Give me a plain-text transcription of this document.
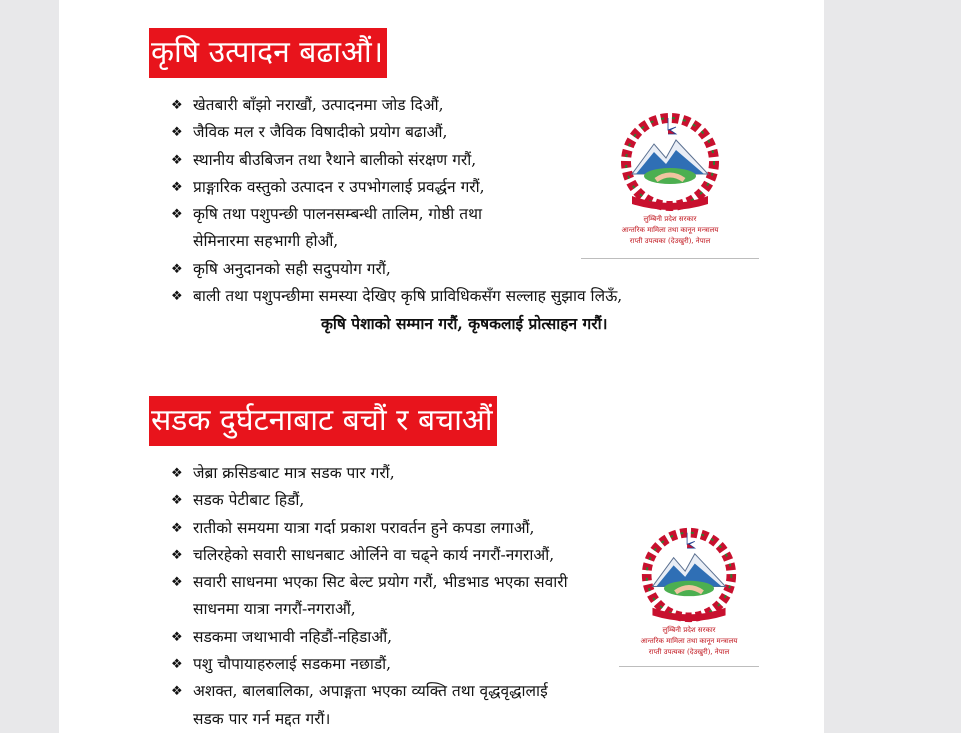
कृषि उत्पादन बढाऔं।
❖ खेतबारी बाँझो नराखौं, उत्पादनमा जोड दिऔं,
❖ जैविक मल र जैविक विषादीको प्रयोग बढाऔं,
❖ स्थानीय बीउबिजन तथा रैथाने बालीको संरक्षण गरौं,
❖ प्राङ्गारिक वस्तुको उत्पादन र उपभोगलाई प्रवर्द्धन गरौं,
❖ कृषि तथा पशुपन्छी पालनसम्बन्धी तालिम, गोष्ठी तथा
सेमिनारमा सहभागी होऔं,
❖ कृषि अनुदानको सही सदुपयोग गरौं,
❖ बाली तथा पशुपन्छीमा समस्या देखिए कृषि प्राविधिकसँग सल्लाह सुझाव लिऊँ,
कृषि पेशाको सम्मान गरौं, कृषकलाई प्रोत्साहन गरौं।
लुम्बिनी प्रदेश सरकार
आन्तरिक मामिला तथा कानून मन्त्रालय
राप्ती उपत्यका (देउखुरी), नेपाल
सडक दुर्घटनाबाट बचौं र बचाऔं
❖ जेब्रा क्रसिङबाट मात्र सडक पार गरौं,
❖ सडक पेटीबाट हिडौं,
❖ रातीको समयमा यात्रा गर्दा प्रकाश परावर्तन हुने कपडा लगाऔं,
❖ चलिरहेको सवारी साधनबाट ओर्लिने वा चढ्ने कार्य नगरौं-नगराऔं,
❖ सवारी साधनमा भएका सिट बेल्ट प्रयोग गरौं, भीडभाड भएका सवारी
साधनमा यात्रा नगरौं-नगराऔं,
❖ सडकमा जथाभावी नहिडौं-नहिडाऔं,
❖ पशु चौपायाहरुलाई सडकमा नछाडौं,
❖ अशक्त, बालबालिका, अपाङ्गता भएका व्यक्ति तथा वृद्धवृद्धालाई
सडक पार गर्न मद्दत गरौं।
लुम्बिनी प्रदेश सरकार
आन्तरिक मामिला तथा कानून मन्त्रालय
राप्ती उपत्यका (देउखुरी), नेपाल
